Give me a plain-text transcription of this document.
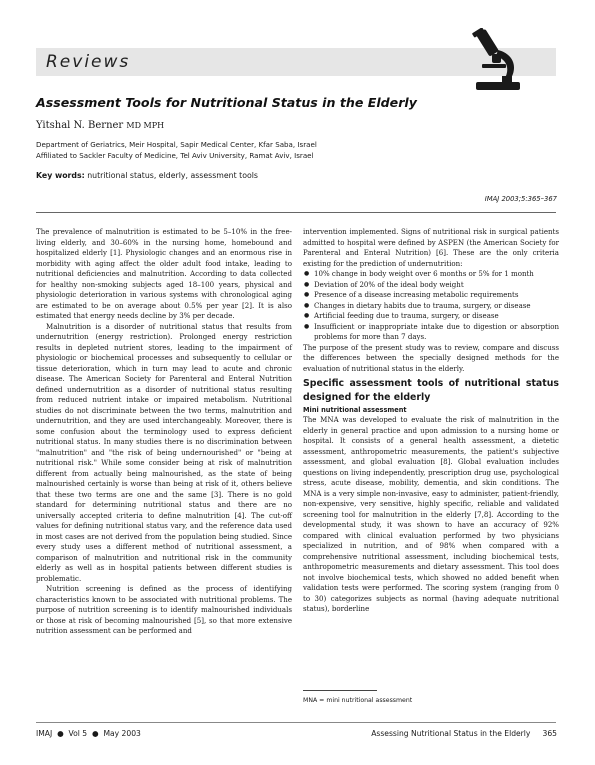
Reviews
Assessment Tools for Nutritional Status in the Elderly
Yitshal N. Berner MD MPH
Department of Geriatrics, Meir Hospital, Sapir Medical Center, Kfar Saba, Israel
Affiliated to Sackler Faculty of Medicine, Tel Aviv University, Ramat Aviv, Israel
Key words: nutritional status, elderly, assessment tools
IMAJ 2003;5:365–367

The prevalence of malnutrition is estimated to be 5–10% in the free-living elderly, and 30–60% in the nursing home, homebound and hospitalized elderly [1]. Physiologic changes and an enormous rise in morbidity with aging affect the older adult food intake, leading to nutritional deficiencies and malnutrition. According to data collected for healthy non-smoking subjects aged 18–100 years, physical and physiologic deterioration in various systems with chronological aging are estimated to be on average about 0.5% per year [2]. It is also estimated that energy needs decline by 3% per decade.

Malnutrition is a disorder of nutritional status that results from undernutrition (energy restriction). Prolonged energy restriction results in depleted nutrient stores, leading to the impairment of physiologic or biochemical processes and subsequently to cellular or tissue deterioration, which in turn may lead to acute and chronic disease. The American Society for Parenteral and Enteral Nutrition defined undernutrition as a disorder of nutritional status resulting from reduced nutrient intake or impaired metabolism. Nutritional studies do not discriminate between the two terms, malnutrition and undernutrition, and they are used interchangeably. Moreover, there is some confusion about the terminology used to express deficient nutritional status. In many studies there is no discrimination between "malnutrition" and "the risk of being undernourished" or "being at nutritional risk." While some consider being at risk of malnutrition different from actually being malnourished, as the state of being malnourished certainly is worse than being at risk of it, others believe that these two terms are one and the same [3]. There is no gold standard for determining nutritional status and there are no universally accepted criteria to define malnutrition [4]. The cut-off values for defining nutritional status vary, and the reference data used in most cases are not derived from the population being studied. Since every study uses a different method of nutritional assessment, a comparison of malnutrition and nutritional risk in the community elderly as well as in hospital patients between different studies is problematic.

Nutrition screening is defined as the process of identifying characteristics known to be associated with nutritional problems. The purpose of nutrition screening is to identify malnourished individuals or those at risk of becoming malnourished [5], so that more extensive nutrition assessment can be performed and

intervention implemented. Signs of nutritional risk in surgical patients admitted to hospital were defined by ASPEN (the American Society for Parenteral and Enteral Nutrition) [6]. These are the only criteria existing for the prediction of undernutrition:

● 10% change in body weight over 6 months or 5% for 1 month
● Deviation of 20% of the ideal body weight
● Presence of a disease increasing metabolic requirements
● Changes in dietary habits due to trauma, surgery, or disease
● Artificial feeding due to trauma, surgery, or disease
● Insufficient or inappropriate intake due to digestion or absorption problems for more than 7 days.

The purpose of the present study was to review, compare and discuss the differences between the specially designed methods for the evaluation of nutritional status in the elderly.

Specific assessment tools of nutritional status designed for the elderly
Mini nutritional assessment

The MNA was developed to evaluate the risk of malnutrition in the elderly in general practice and upon admission to a nursing home or hospital. It consists of a general health assessment, a dietetic assessment, anthropometric measurements, the patient's subjective assessment, and global evaluation [8]. Global evaluation includes questions on living independently, prescription drug use, psychological stress, acute disease, mobility, dementia, and skin conditions. The MNA is a very simple non-invasive, easy to administer, patient-friendly, non-expensive, very sensitive, highly specific, reliable and validated screening tool for malnutrition in the elderly [7,8]. According to the developmental study, it was shown to have an accuracy of 92% compared with clinical evaluation performed by two physicians specialized in nutrition, and of 98% when compared with a comprehensive nutritional assessment, including biochemical tests, anthropometric measurements and dietary assessment. This tool does not involve biochemical tests, which showed no added benefit when validation tests were performed. The scoring system (ranging from 0 to 30) categorizes subjects as normal (having adequate nutritional status), borderline

MNA = mini nutritional assessment
IMAJ ● Vol 5 ● May 2003	Assessing Nutritional Status in the Elderly 365
